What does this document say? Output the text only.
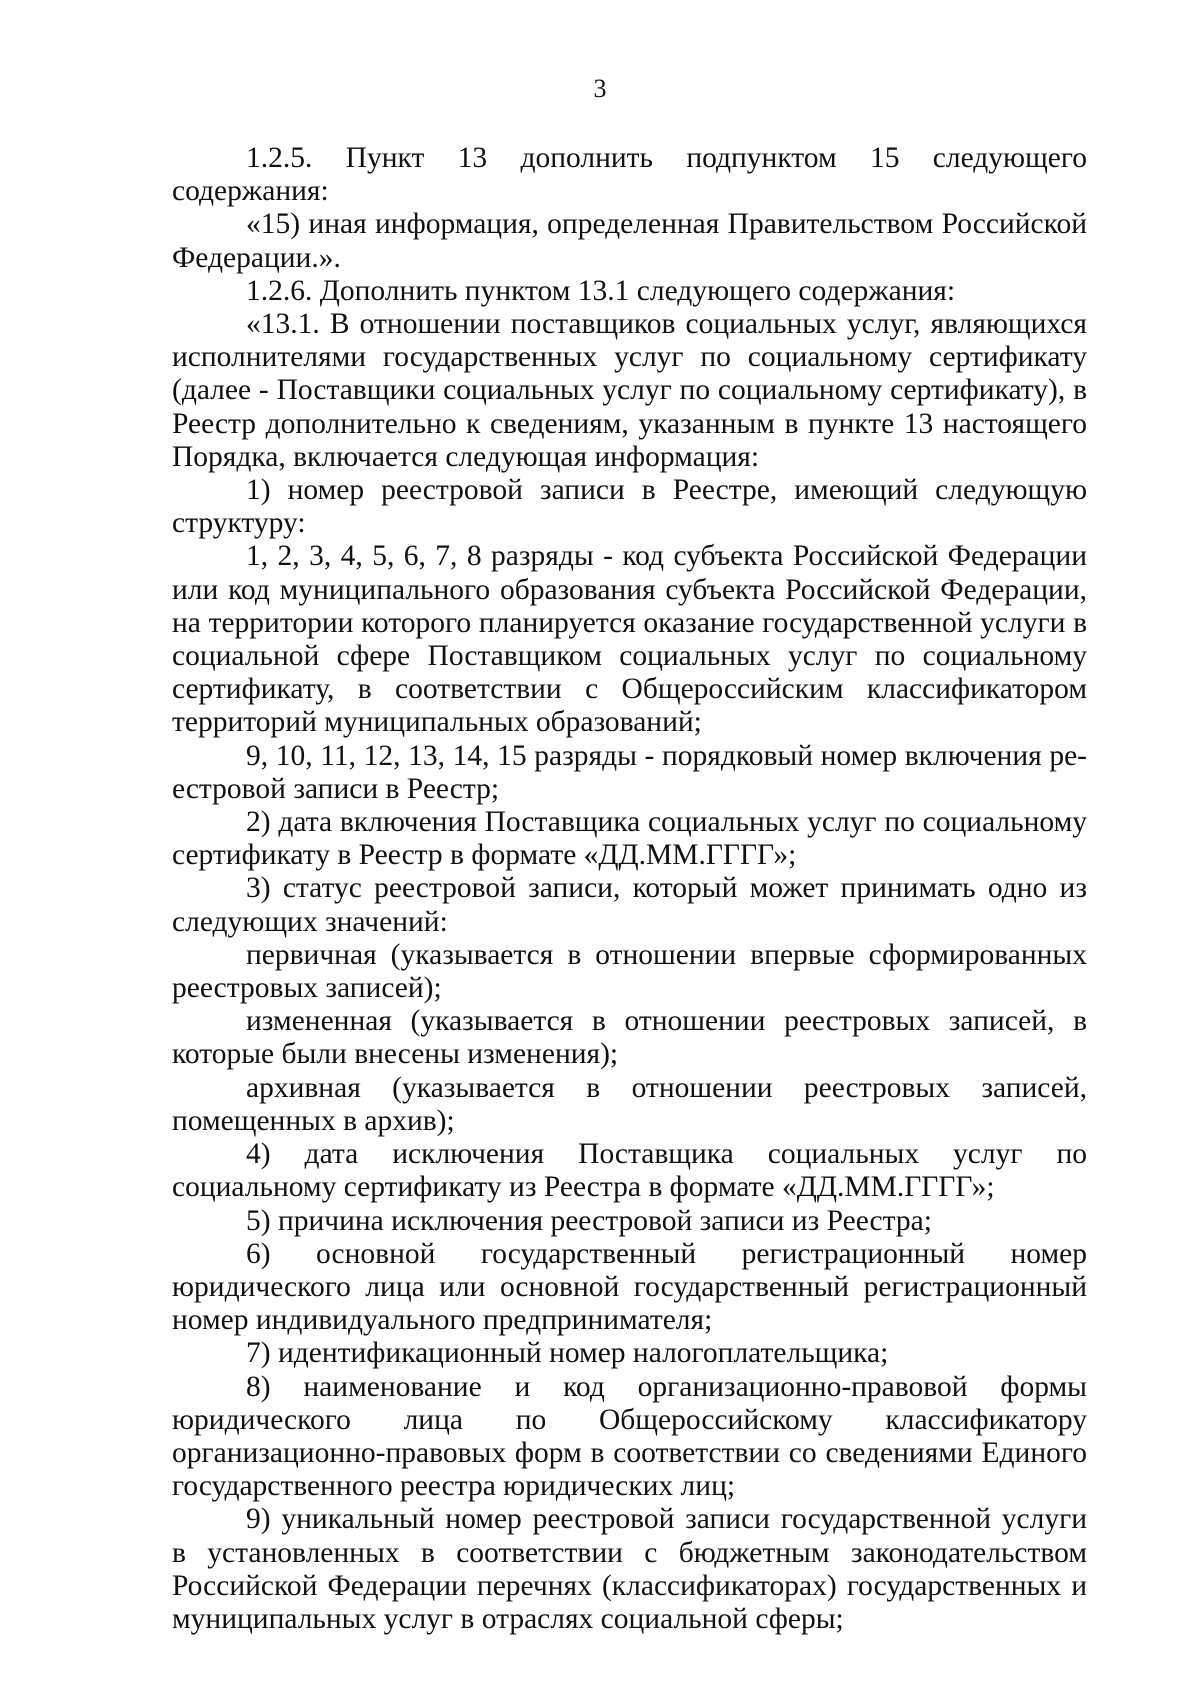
3

1.2.5. Пункт 13 дополнить подпунктом 15 следующего содержания:

«15) иная информация, определенная Правительством Российской Федерации.».

1.2.6. Дополнить пунктом 13.1 следующего содержания:

«13.1. В отношении поставщиков социальных услуг, являющихся исполнителями государственных услуг по социальному сертификату (далее - Поставщики социальных услуг по социальному сертификату), в Реестр дополнительно к сведениям, указанным в пункте 13 настоящего Порядка, включается следующая информация:

1) номер реестровой записи в Реестре, имеющий следующую структуру:

1, 2, 3, 4, 5, 6, 7, 8 разряды - код субъекта Российской Федерации или код муниципального образования субъекта Российской Федерации, на территории которого планируется оказание государственной услуги в социальной сфере Поставщиком социальных услуг по социальному сертификату, в соответствии с Общероссийским классификатором территорий муниципальных образований;

9, 10, 11, 12, 13, 14, 15 разряды - порядковый номер включения реестровой записи в Реестр;

2) дата включения Поставщика социальных услуг по социальному сертификату в Реестр в формате «ДД.ММ.ГГГГ»;

3) статус реестровой записи, который может принимать одно из следующих значений:

первичная (указывается в отношении впервые сформированных реестровых записей);

измененная (указывается в отношении реестровых записей, в которые были внесены изменения);

архивная (указывается в отношении реестровых записей, помещенных в архив);

4) дата исключения Поставщика социальных услуг по социальному сертификату из Реестра в формате «ДД.ММ.ГГГГ»;

5) причина исключения реестровой записи из Реестра;

6) основной государственный регистрационный номер юридического лица или основной государственный регистрационный номер индивидуального предпринимателя;

7) идентификационный номер налогоплательщика;

8) наименование и код организационно-правовой формы юридического лица по Общероссийскому классификатору организационно-правовых форм в соответствии со сведениями Единого государственного реестра юридических лиц;

9) уникальный номер реестровой записи государственной услуги в установленных в соответствии с бюджетным законодательством Российской Федерации перечнях (классификаторах) государственных и муниципальных услуг в отраслях социальной сферы;
